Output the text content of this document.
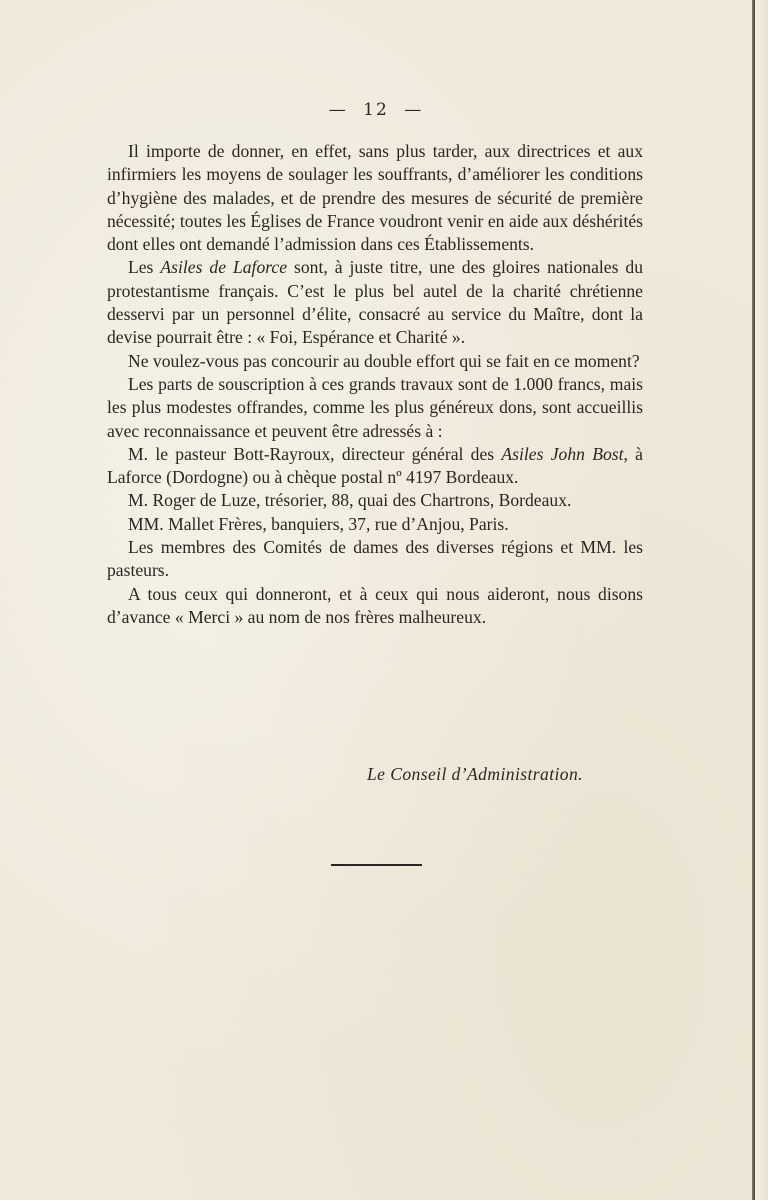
— 12 —

Il importe de donner, en effet, sans plus tarder, aux directrices et aux infirmiers les moyens de soulager les souffrants, d’améliorer les conditions d’hygiène des malades, et de prendre des mesures de sécurité de première nécessité; toutes les Églises de France voudront venir en aide aux déshérités dont elles ont demandé l’admission dans ces Établissements.

Les Asiles de Laforce sont, à juste titre, une des gloires nationales du protestantisme français. C’est le plus bel autel de la charité chrétienne desservi par un personnel d’élite, consacré au service du Maître, dont la devise pourrait être : « Foi, Espérance et Charité ».

Ne voulez-vous pas concourir au double effort qui se fait en ce moment?

Les parts de souscription à ces grands travaux sont de 1.000 francs, mais les plus modestes offrandes, comme les plus généreux dons, sont accueillis avec reconnaissance et peuvent être adressés à :

M. le pasteur Bott-Rayroux, directeur général des Asiles John Bost, à Laforce (Dordogne) ou à chèque postal nº 4197 Bordeaux.

M. Roger de Luze, trésorier, 88, quai des Chartrons, Bordeaux.

MM. Mallet Frères, banquiers, 37, rue d’Anjou, Paris.

Les membres des Comités de dames des diverses régions et MM. les pasteurs.

A tous ceux qui donneront, et à ceux qui nous aideront, nous disons d’avance « Merci » au nom de nos frères malheureux.

Le Conseil d’Administration.
